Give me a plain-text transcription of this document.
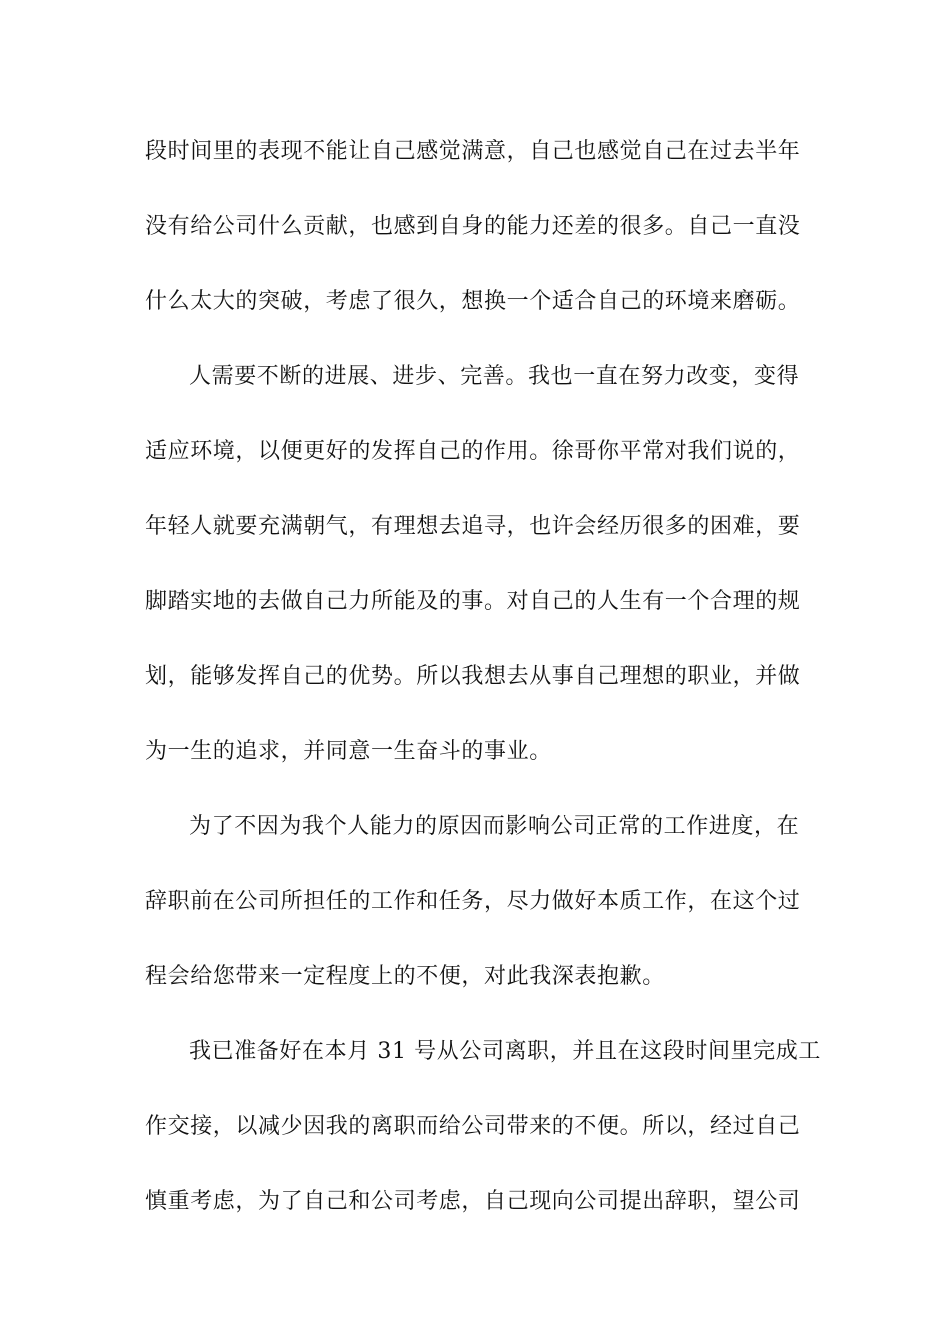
段时间里的表现不能让自己感觉满意，自己也感觉自己在过去半年
没有给公司什么贡献，也感到自身的能力还差的很多。自己一直没
什么太大的突破，考虑了很久，想换一个适合自己的环境来磨砺。
人需要不断的进展、进步、完善。我也一直在努力改变，变得
适应环境，以便更好的发挥自己的作用。徐哥你平常对我们说的，
年轻人就要充满朝气，有理想去追寻，也许会经历很多的困难，要
脚踏实地的去做自己力所能及的事。对自己的人生有一个合理的规
划，能够发挥自己的优势。所以我想去从事自己理想的职业，并做
为一生的追求，并同意一生奋斗的事业。
为了不因为我个人能力的原因而影响公司正常的工作进度，在
辞职前在公司所担任的工作和任务，尽力做好本质工作，在这个过
程会给您带来一定程度上的不便，对此我深表抱歉。
我已准备好在本月 31 号从公司离职，并且在这段时间里完成工
作交接，以减少因我的离职而给公司带来的不便。所以，经过自己
慎重考虑，为了自己和公司考虑，自己现向公司提出辞职，望公司
